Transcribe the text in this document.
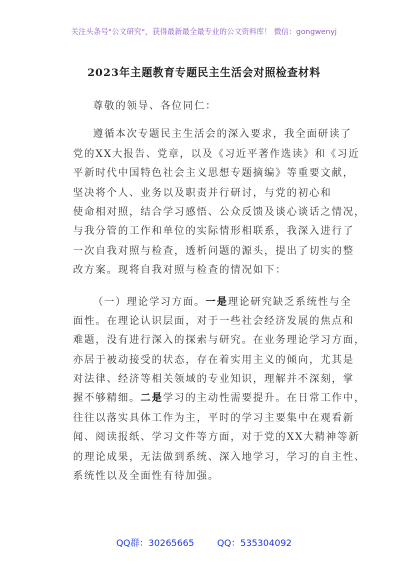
关注头条号"公文研究"，获得最新最全最专业的公文资料库！ 微信：gongwenyj
2023年主题教育专题民主生活会对照检查材料

尊敬的领导、各位同仁：

遵循本次专题民主生活会的深入要求，我全面研读了
党的XX大报告、党章，以及《习近平著作选读》和《习近
平新时代中国特色社会主义思想专题摘编》等重要文献，
坚决将个人、业务以及职责并行研讨，与党的初心和
使命相对照，结合学习感悟、公众反馈及谈心谈话之情况，
与我分管的工作和单位的实际情形相联系，我深入进行了
一次自我对照与检查，透析问题的源头，提出了切实的整
改方案。现将自我对照与检查的情况如下：

（一）理论学习方面。一是理论研究缺乏系统性与全
面性。在理论认识层面，对于一些社会经济发展的焦点和
难题，没有进行深入的探索与研究。在业务理论学习方面，
亦居于被动接受的状态，存在着实用主义的倾向，尤其是
对法律、经济等相关领域的专业知识，理解并不深刻，掌
握不够精细。二是学习的主动性需要提升。在日常工作中，
往往以落实具体工作为主，平时的学习主要集中在观看新
闻、阅读报纸、学习文件等方面，对于党的XX大精神等新
的理论成果，无法做到系统、深入地学习，学习的自主性、
系统性以及全面性有待加强。

QQ群：30265665	QQ：535304092
